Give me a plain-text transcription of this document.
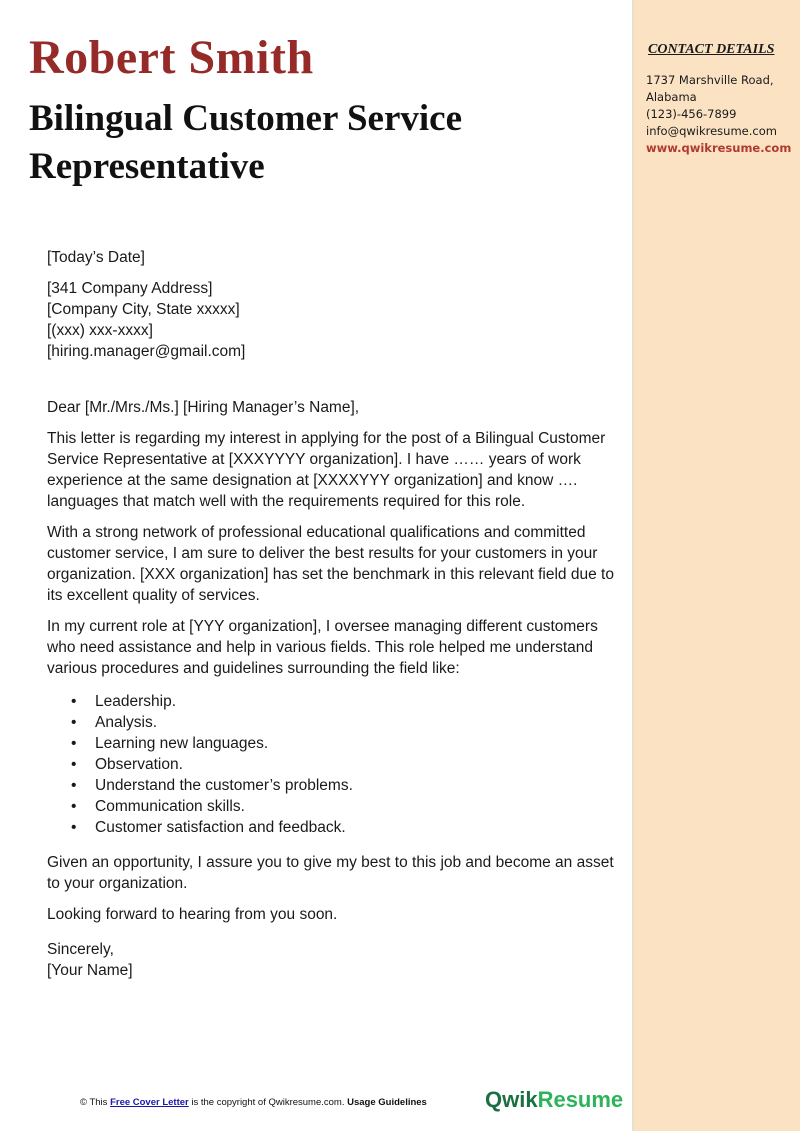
CONTACT DETAILS
1737 Marshville Road,
Alabama
(123)-456-7899
info@qwikresume.com
www.qwikresume.com
Robert Smith
Bilingual Customer Service Representative

[Today’s Date]

[341 Company Address]

[Company City, State xxxxx]

[(xxx) xxx-xxxx]

[hiring.manager@gmail.com]

Dear [Mr./Mrs./Ms.] [Hiring Manager’s Name],

This letter is regarding my interest in applying for the post of a Bilingual Customer Service Representative at [XXXYYYY organization]. I have …… years of work experience at the same designation at [XXXXYYY organization] and know …. languages that match well with the requirements required for this role.

With a strong network of professional educational qualifications and committed customer service, I am sure to deliver the best results for your customers in your organization. [XXX organization] has set the benchmark in this relevant field due to its excellent quality of services.

In my current role at [YYY organization], I oversee managing different customers who need assistance and help in various fields. This role helped me understand various procedures and guidelines surrounding the field like:

• Leadership.
• Analysis.
• Learning new languages.
• Observation.
• Understand the customer’s problems.
• Communication skills.
• Customer satisfaction and feedback.

Given an opportunity, I assure you to give my best to this job and become an asset to your organization.

Looking forward to hearing from you soon.

Sincerely,

[Your Name]

© This Free Cover Letter is the copyright of Qwikresume.com. Usage Guidelines	QwikResume
